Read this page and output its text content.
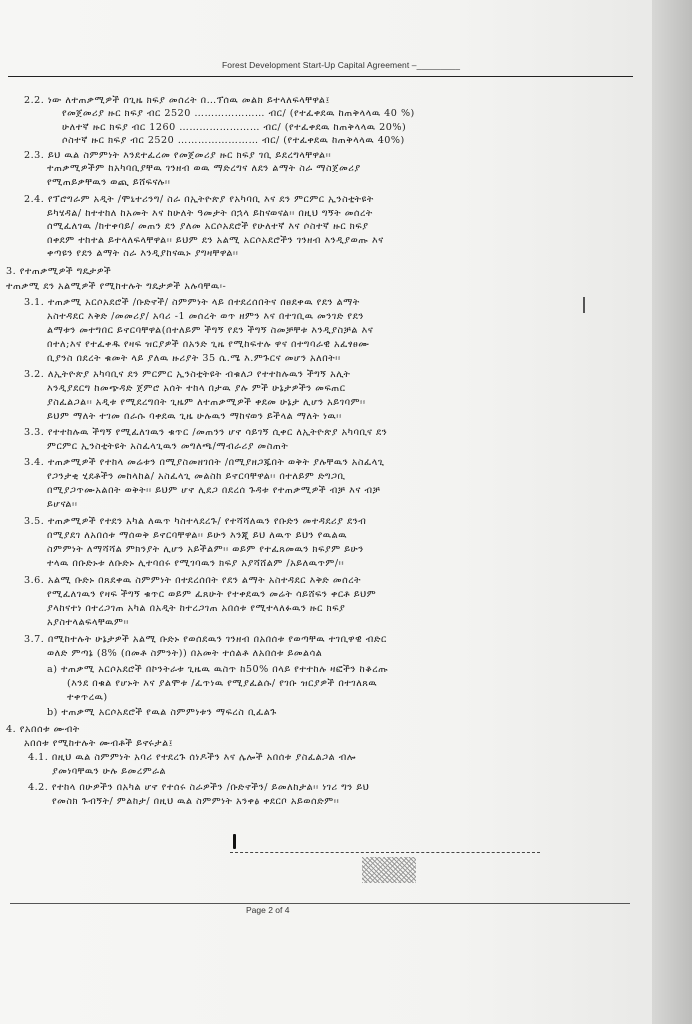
Forest Development Start-Up Capital Agreement –_________
2.2. ነው ለተጠቃሚዎች በጊዜ ክፍያ መሰረት በ…ፕሰዉ መልክ ይተላለፍላቸዋል፤
የመጀመሪያ ዙር ክፍያ ብር 2520 ………………… ብር/ (የተፈቀደዉ ከጠቅላላዉ 40 %)
ሁለተኛ ዙር ክፍያ ብር 1260 …………………… ብር/ (የተፈቀደዉ ከጠቅላላዉ 20%)
ሶስተኛ ዙር ክፍያ ብር 2520 …………………… ብር/ (የተፈቀደዉ ከጠቅላላዉ 40%)
2.3. ይህ ዉል ስምምነት እንደተፈረመ የመጀመሪያ ዙር ክፍያ ገቢ ይደረግላቸዋል፡፡
ተጠቃሚዎችም ከአካባቢያቸዉ ገንዘብ ወዉ ማድረግና ለደን ልማት ስራ ማስጀመሪያ
የሚጠይቃቸዉን ወጪ ይሸፍናሉ፡፡
2.4. የፕሮግራም አዲት /ሞኒተሪንግ/ ስራ በኢትዮጵያ የአካባቢ እና ደን ምርምር ኢንስቲትዩት
ይካሄዳል/ ከተተከለ ከአመት እና ከሁለት ዓመታት በኋላ ይከናወናል፡፡ በዚህ ግኝት መሰረት
ሰሚፈለገዉ /ከተቀባይ/ መጠን ደን ያለመ አርሶአደሮች የሁለተኛ እና ሶስተኛ ዙር ክፍያ
በቀደም ተከተል ይተላለፍላቸዋል፡፡ ይህም ደን አልሚ አርሶአደሮችን ገንዘብ እንዲያወጡ እና
ቀጣዩን የደን ልማት ስራ እንዲያከናዉኑ ያግዛቸዋል፡፡
3. የተጠቃሚዎች ግዴታዎች
ተጠቃሚ ደን አልሚዎች የሚከተሉት ግዴታዎች አሉባቸዉ፡-
3.1. ተጠቃሚ አርሶአደሮች /ቡድኖች/ ስምምነት ላይ በተደረሰበትና በፀደቀዉ የደን ልማት
አስተዳደር እቅድ /መመሪያ/ አባሪ -1 መሰረት ወጥ ዘምን እና በተገቢዉ መንገድ የደን
ልማቱን መተግበር ይኖርባቸዋል(በተለይም ችግኝ የደን ችግኝ ስመቻቸቱ እንዲያስቻል እና
በተለ;እና የተፈቀዱ የዛፍ ዝርያዎች በአንድ ጊዜ የሚከፍተሉ ዋና በተግባራዊ አፈፃፀሙ
ቢያንስ በደረት ቁመት ላይ ያለዉ ዙሪያት 35 ሴ.ሜ እ.ምጉርና መሆን አለበት፡፡
3.2. ለኢትዮጵያ አካባቢና ደን ምርምር ኢንስቲትዩት ብቁለጋ የተተከሉዉን ችግኝ አሊት
እንዲያደርግ ከመጭዳድ ጀምሮ አሰት ተከላ በታዉ ያሉ ምች ሁኔታዎችን መፍጠር
ያስፈልጋል፡፡ አዲቱ የሚደረግበት ጊዜም ለተጠቃሚዎች ቀደመ ሁኔታ ሊሆን አይገባም፡፡
ይህም ማለት ተገመ በራሱ ባቀደዉ ጊዜ ሁሉዉን ማከናወን ይችላል ማለት ነዉ፡፡
3.3. የተተከሉዉ ችግኝ የሚፈለገዉን ቁጥር /መጠንን ሆኖ ሳይገኝ ሲቀር ለኢትዮጵያ አካባቢና ደን
ምርምር ኢንስቲትዩት አስፈላጊዉን መግለጫ/ማብራሪያ መስጠት
3.4. ተጠቃሚዎች የተከላ መሬቱን በሚያስመዘገበት /በሚያዘጋጁበት ወቅት ያሉቸዉን አስፈላጊ
የጋንታቂ ሂደቶችን መከላከል/ አስፈላጊ መልስከ ይኖርባቸዋል፡፡ በተለይም ድግጋቢ
በሚያጋጥሙአልበት ወቅት፡፡ ይህም ሆኖ ሊደጋ በደረሰ ጉዳቱ የተጠቃሚዎች ብቻ እና ብቻ
ይሆናል፡፡
3.5. ተጠቃሚዎች የተደን አካል ለዉጥ ካስተላደረጉ/ የተሻሻለዉን የቡድን መተዳደሪያ ደንብ
በሚያደገ ለአበሰቱ ማሰወቅ ይኖርባቸዋል፡፡ ይሁን እንጂ ይህ ለዉጥ ይህን የዉልዉ
ስምምነት ለማሻሻል ምክንያት ሊሆን አይችልም፡፡ ወይም የተፈጸመዉን ክፍያም ይሁን
ተላዉ በቡድኑቱ ለቡድኑ ሊተባበሩ የሚገባዉን ክፍያ አያሻሸልም /አይለዉጥም/፡፡
3.6. አልሚ ቡድኑ በጸደቀዉ ስምምነት በተደረሰበት የደን ልማት አስተዳደር እቅድ መሰረት
የሚፈለገዉን የዛፍ ችግኝ ቁጥር ወይም ፈጸሁት የተቀደዉን መሬት ሳይሸፍን ቀርቶ ይህም
ያላከናተነ በተረጋገጠ አካል በአዲት ከተረጋገጠ አበሰቱ የሚተላለፉዉን ዙር ክፍያ
አያስተላልፍላቸዉም፡፡
3.7. በሚከተሉት ሁኔታዎች አልሚ ቡድኑ የወሰደዉን ገንዘብ በአበሰቱ የወጣቸዉ ተገቢዋዊ ብድር
ወለድ ምጣኔ (8% (በመቶ ስምንት)) በአመት ተሰልቶ ለአበሰቱ ይመልሳል
a) ተጠቃሚ አርሶአደሮች በኮንትራቱ ጊዜዉ ዉስጥ ከ50% በላይ የተተከሉ ዛፎችን ከቆረጡ
(እንደ በቁል የሆኑት እና ያልሞቱ /ፈጥነዉ የሚያፈልሱ/ የገቡ ዝርያዎች በተገለጸዉ
ተቀጥረዉ)
b) ተጠቃሚ አርሶአደሮች የዉል ስምምነቱን ማፍረስ ቢፈልጉ
4. የአበሰቱ ሙብት
አበሰቱ የሚከተሉት ሙብቶች ይኖሩታል፤
4.1. በዚህ ዉል ስምምነት አባሪ የተደረጉ ሰነዶችን እና ሌሎች አበሰቱ ያስፈልጋል ብሎ
ያመነባቸዉን ሁሉ ይመረምራል
4.2. የተከላ በሁዎችን በአካል ሆኖ የተሰሩ ስራዎችን /ቡድኖችን/ ይመለከታል፡፡ ነገሪ ግን ይህ
የመስክ ጉብኝት/ ምልከታ/ በዚህ ዉል ስምምነት አንቀፅ ቀደርቦ አይወሰድም፡፡
Page 2 of 4
